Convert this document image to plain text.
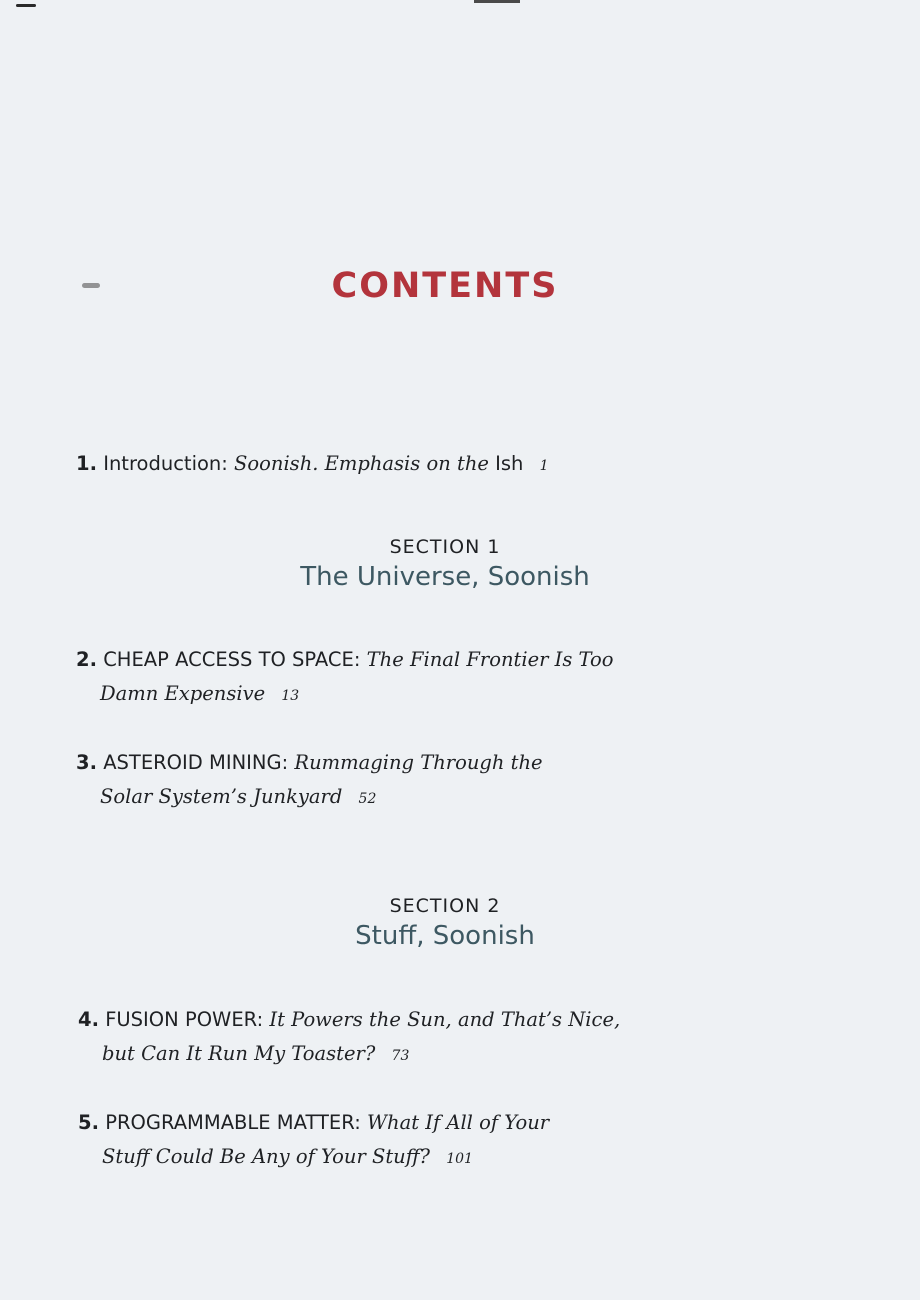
CONTENTS
1. Introduction: Soonish. Emphasis on the Ish 1
SECTION 1
The Universe, Soonish
2. CHEAP ACCESS TO SPACE: The Final Frontier Is Too
Damn Expensive 13
3. ASTEROID MINING: Rummaging Through the
Solar System’s Junkyard 52
SECTION 2
Stuff, Soonish
4. FUSION POWER: It Powers the Sun, and That’s Nice,
but Can It Run My Toaster? 73
5. PROGRAMMABLE MATTER: What If All of Your
Stuff Could Be Any of Your Stuff? 101
